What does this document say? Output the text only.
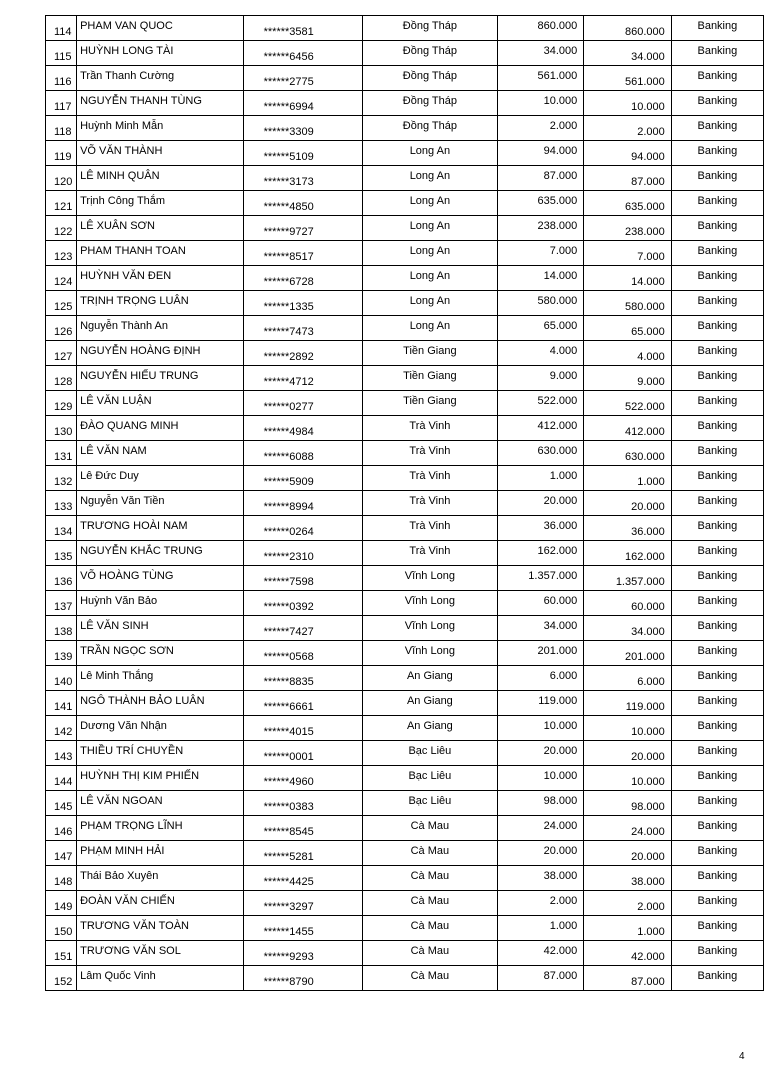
114	PHAM VAN QUOC	******3581	Đồng Tháp	860.000	860.000	Banking

115	HUỲNH LONG TÀI	******6456	Đồng Tháp	34.000	34.000	Banking

116	Trần Thanh Cường	******2775	Đồng Tháp	561.000	561.000	Banking

117	NGUYỄN THANH TÙNG	******6994	Đồng Tháp	10.000	10.000	Banking

118	Huỳnh Minh Mẫn	******3309	Đồng Tháp	2.000	2.000	Banking

119	VÕ VĂN THÀNH	******5109	Long An	94.000	94.000	Banking

120	LÊ MINH QUÂN	******3173	Long An	87.000	87.000	Banking

121	Trịnh Công Thắm	******4850	Long An	635.000	635.000	Banking

122	LÊ XUÂN SƠN	******9727	Long An	238.000	238.000	Banking

123	PHAM THANH TOAN	******8517	Long An	7.000	7.000	Banking

124	HUỲNH VĂN ĐEN	******6728	Long An	14.000	14.000	Banking

125	TRỊNH TRỌNG LUÂN	******1335	Long An	580.000	580.000	Banking

126	Nguyễn Thành An	******7473	Long An	65.000	65.000	Banking

127	NGUYỄN HOÀNG ĐỊNH	******2892	Tiền Giang	4.000	4.000	Banking

128	NGUYỄN HIẾU TRUNG	******4712	Tiền Giang	9.000	9.000	Banking

129	LÊ VĂN LUẬN	******0277	Tiền Giang	522.000	522.000	Banking

130	ĐÀO QUANG MINH	******4984	Trà Vinh	412.000	412.000	Banking

131	LÊ VĂN NAM	******6088	Trà Vinh	630.000	630.000	Banking

132	Lê Đức Duy	******5909	Trà Vinh	1.000	1.000	Banking

133	Nguyễn Văn Tiền	******8994	Trà Vinh	20.000	20.000	Banking

134	TRƯƠNG HOÀI NAM	******0264	Trà Vinh	36.000	36.000	Banking

135	NGUYỄN KHẮC TRUNG	******2310	Trà Vinh	162.000	162.000	Banking

136	VÕ HOÀNG TÙNG	******7598	Vĩnh Long	1.357.000	1.357.000	Banking

137	Huỳnh Văn Bảo	******0392	Vĩnh Long	60.000	60.000	Banking

138	LÊ VĂN SINH	******7427	Vĩnh Long	34.000	34.000	Banking

139	TRẦN NGỌC SƠN	******0568	Vĩnh Long	201.000	201.000	Banking

140	Lê Minh Thắng	******8835	An Giang	6.000	6.000	Banking

141	NGÔ THÀNH BẢO LUÂN	******6661	An Giang	119.000	119.000	Banking

142	Dương Văn Nhận	******4015	An Giang	10.000	10.000	Banking

143	THIỀU TRÍ CHUYỀN	******0001	Bạc Liêu	20.000	20.000	Banking

144	HUỲNH THỊ KIM PHIẾN	******4960	Bạc Liêu	10.000	10.000	Banking

145	LÊ VĂN NGOAN	******0383	Bạc Liêu	98.000	98.000	Banking

146	PHẠM TRỌNG LĨNH	******8545	Cà Mau	24.000	24.000	Banking

147	PHẠM MINH HẢI	******5281	Cà Mau	20.000	20.000	Banking

148	Thái Bảo Xuyên	******4425	Cà Mau	38.000	38.000	Banking

149	ĐOÀN VĂN CHIẾN	******3297	Cà Mau	2.000	2.000	Banking

150	TRƯƠNG VĂN TOÀN	******1455	Cà Mau	1.000	1.000	Banking

151	TRƯƠNG VĂN SOL	******9293	Cà Mau	42.000	42.000	Banking

152	Lâm Quốc Vinh	******8790	Cà Mau	87.000	87.000	Banking
4
